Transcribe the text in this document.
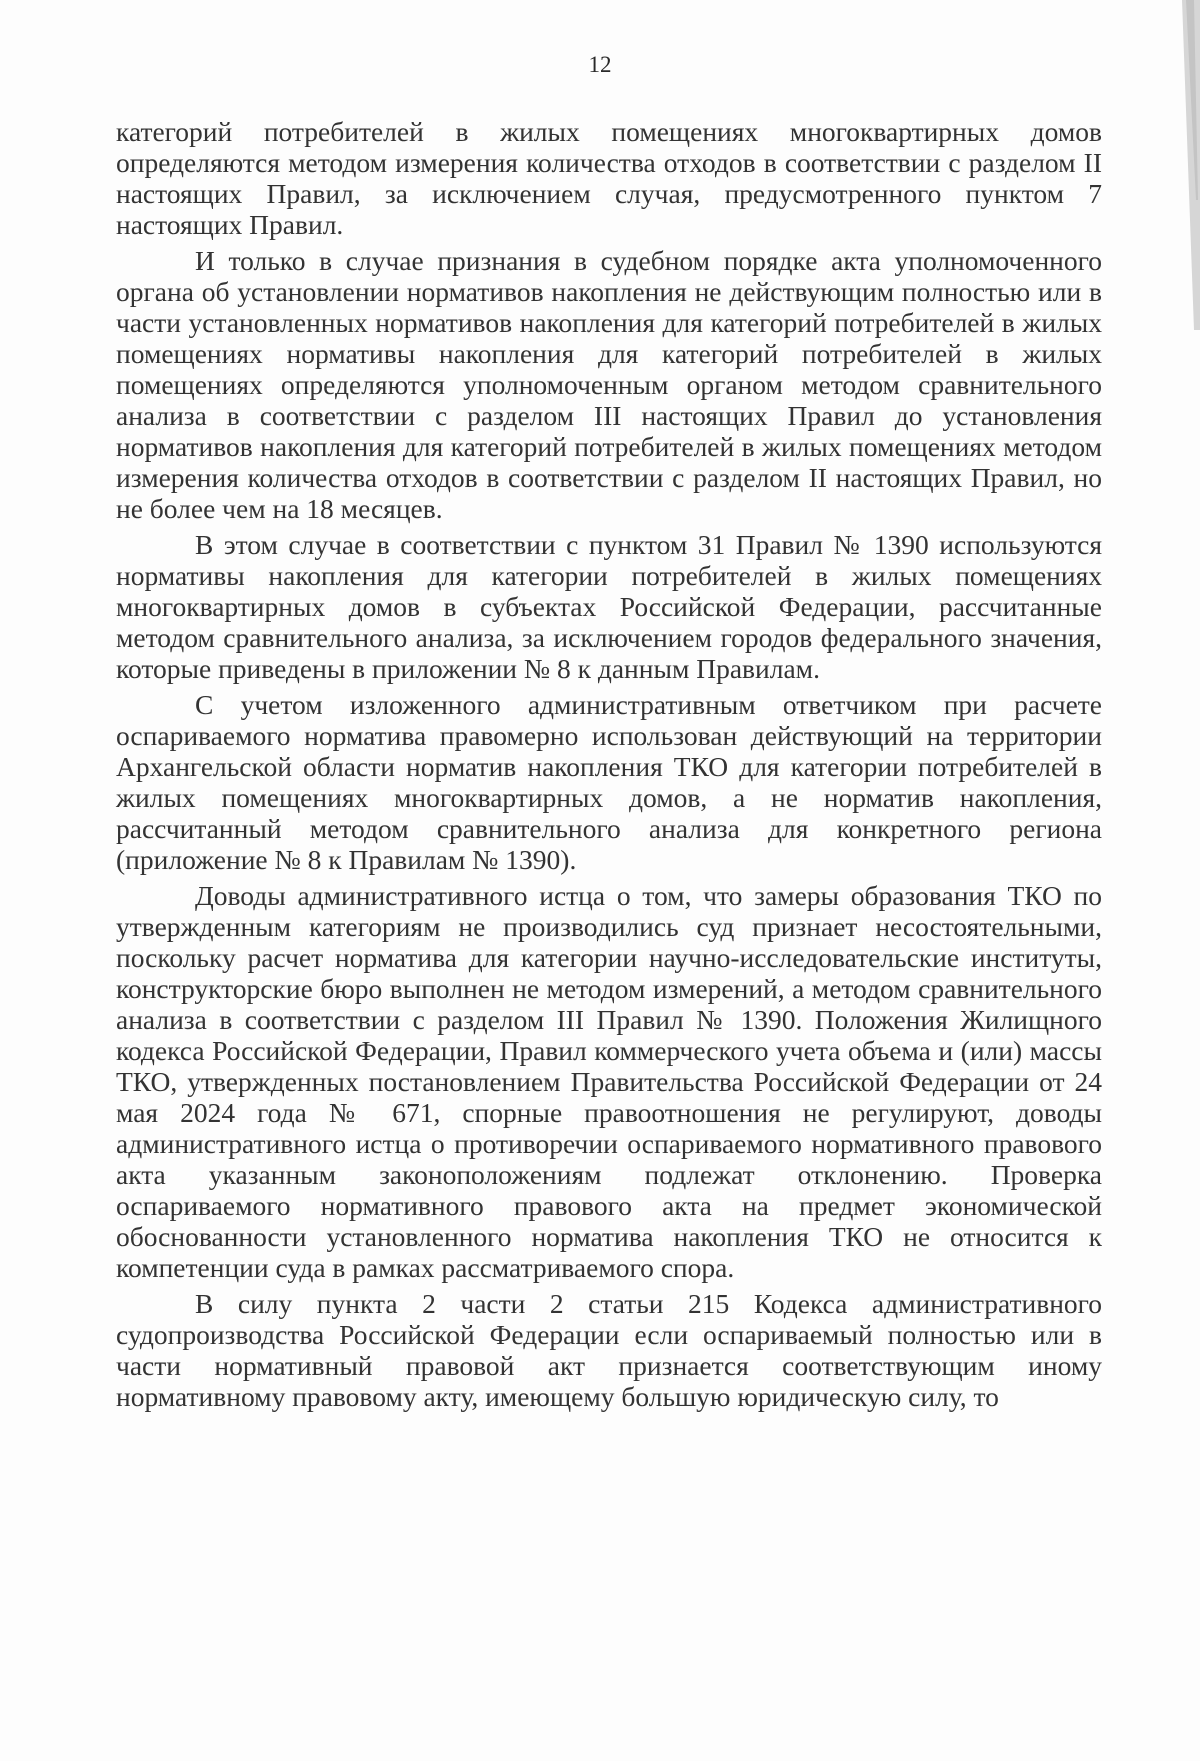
12

категорий потребителей в жилых помещениях многоквартирных домов определяются методом измерения количества отходов в соответствии с разделом II настоящих Правил, за исключением случая, предусмотренного пунктом 7 настоящих Правил.

И только в случае признания в судебном порядке акта уполномоченного органа об установлении нормативов накопления не действующим полностью или в части установленных нормативов накопления для категорий потребителей в жилых помещениях нормативы накопления для категорий потребителей в жилых помещениях определяются уполномоченным органом методом сравнительного анализа в соответствии с разделом III настоящих Правил до установления нормативов накопления для категорий потребителей в жилых помещениях методом измерения количества отходов в соответствии с разделом II настоящих Правил, но не более чем на 18 месяцев.

В этом случае в соответствии с пунктом 31 Правил № 1390 используются нормативы накопления для категории потребителей в жилых помещениях многоквартирных домов в субъектах Российской Федерации, рассчитанные методом сравнительного анализа, за исключением городов федерального значения, которые приведены в приложении № 8 к данным Правилам.

С учетом изложенного административным ответчиком при расчете оспариваемого норматива правомерно использован действующий на территории Архангельской области норматив накопления ТКО для категории потребителей в жилых помещениях многоквартирных домов, а не норматив накопления, рассчитанный методом сравнительного анализа для конкретного региона (приложение № 8 к Правилам № 1390).

Доводы административного истца о том, что замеры образования ТКО по утвержденным категориям не производились суд признает несостоятельными, поскольку расчет норматива для категории научно-исследовательские институты, конструкторские бюро выполнен не методом измерений, а методом сравнительного анализа в соответствии с разделом III Правил № 1390. Положения Жилищного кодекса Российской Федерации, Правил коммерческого учета объема и (или) массы ТКО, утвержденных постановлением Правительства Российской Федерации от 24 мая 2024 года № 671, спорные правоотношения не регулируют, доводы административного истца о противоречии оспариваемого нормативного правового акта указанным законоположениям подлежат отклонению. Проверка оспариваемого нормативного правового акта на предмет экономической обоснованности установленного норматива накопления ТКО не относится к компетенции суда в рамках рассматриваемого спора.

В силу пункта 2 части 2 статьи 215 Кодекса административного судопроизводства Российской Федерации если оспариваемый полностью или в части нормативный правовой акт признается соответствующим иному нормативному правовому акту, имеющему большую юридическую силу, то
